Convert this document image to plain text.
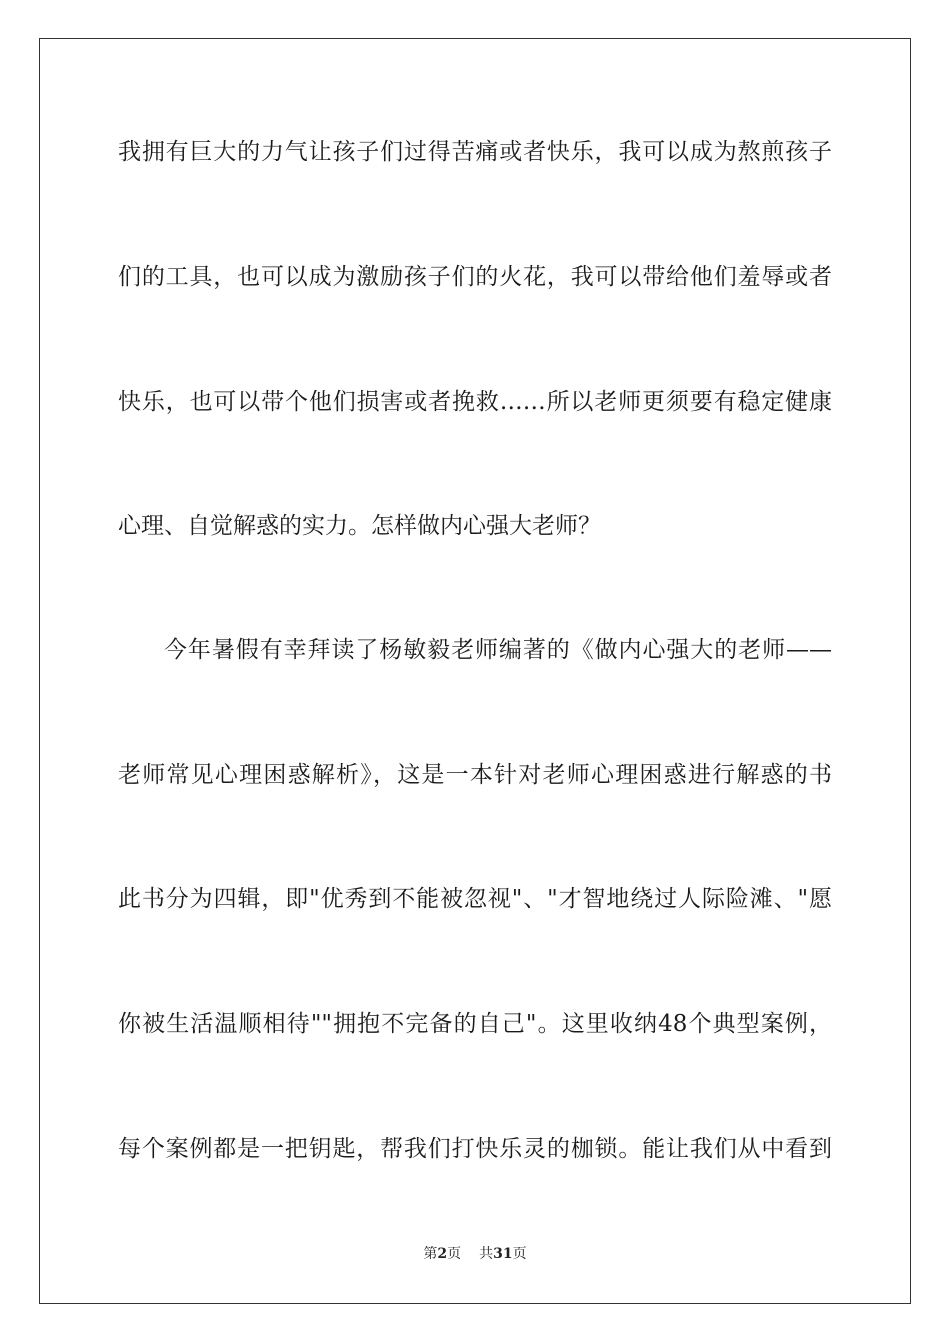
我拥有巨大的力气让孩子们过得苦痛或者快乐，我可以成为熬煎孩子
们的工具，也可以成为激励孩子们的火花，我可以带给他们羞辱或者
快乐，也可以带个他们损害或者挽救……所以老师更须要有稳定健康
心理、自觉解惑的实力。怎样做内心强大老师？
今年暑假有幸拜读了杨敏毅老师编著的《做内心强大的老师——
老师常见心理困惑解析》，这是一本针对老师心理困惑进行解惑的书
此书分为四辑，即"优秀到不能被忽视"、"才智地绕过人际险滩、"愿
你被生活温顺相待""拥抱不完备的自己"。这里收纳48个典型案例，
每个案例都是一把钥匙，帮我们打快乐灵的枷锁。能让我们从中看到
第2页 共31页
